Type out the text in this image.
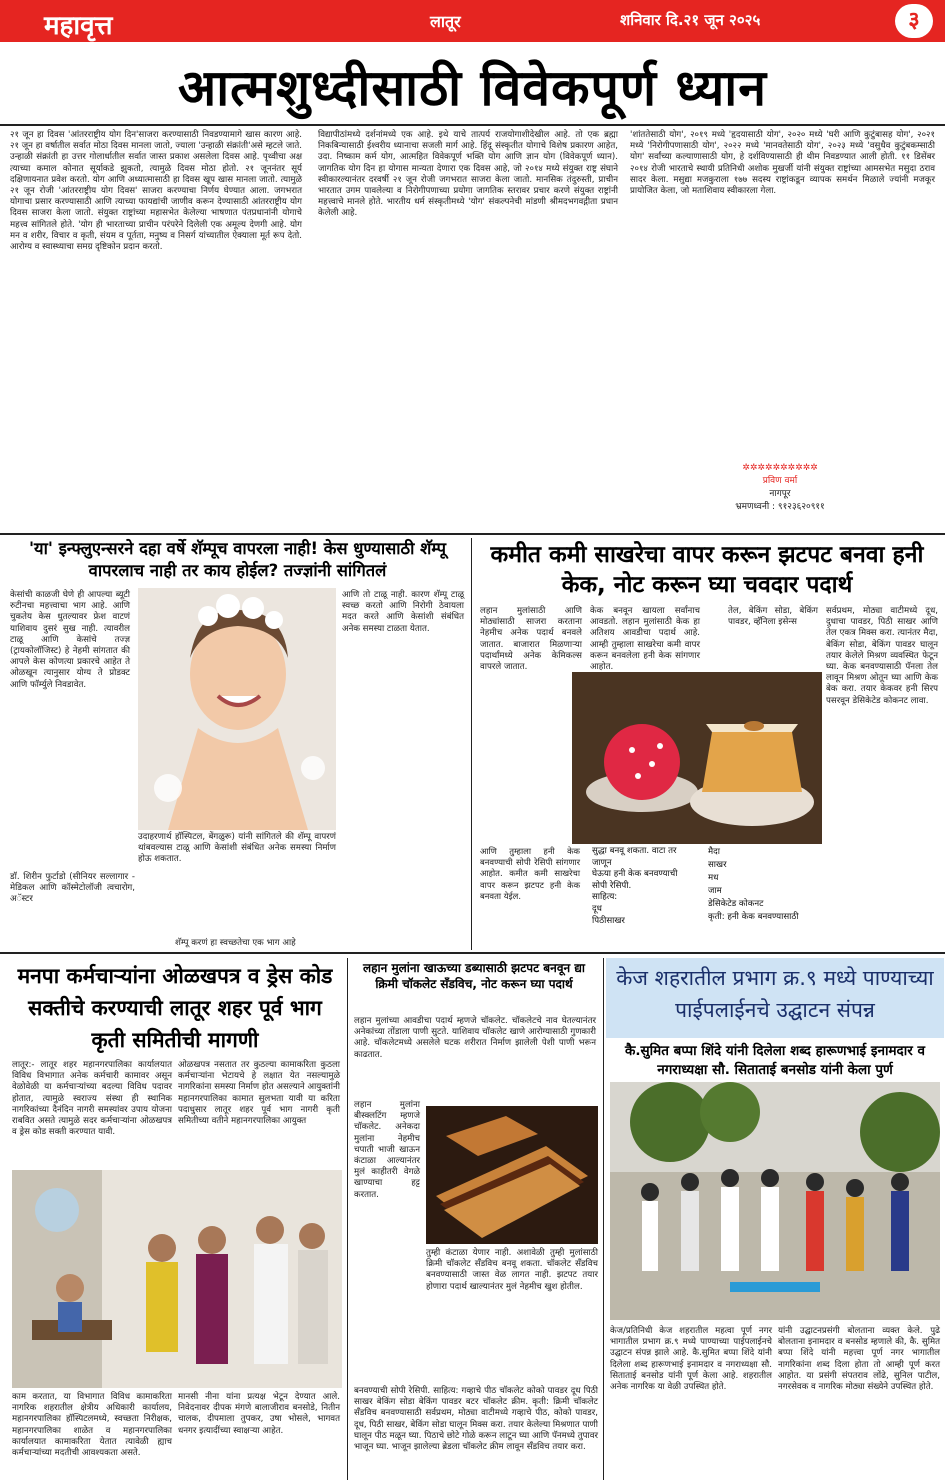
महावृत्त	लातूर	शनिवार दि.२१ जून २०२५	३
आत्मशुध्दीसाठी विवेकपूर्ण ध्यान
२१ जून हा दिवस 'आंतरराष्ट्रीय योग दिन'साजरा करण्यासाठी निवडण्यामागे खास कारण आहे. २१ जून हा वर्षातील सर्वात मोठा दिवस मानला जातो, ज्याला 'उन्हाळी संक्रांती'असे म्हटले जाते. उन्हाळी संक्रांती हा उत्तर गोलार्धातील सर्वात जास्त प्रकाश असलेला दिवस आहे. पृथ्वीचा अक्ष त्याच्या कमाल कोनात सूर्याकडे झुकतो, त्यामुळे दिवस मोठा होतो. २१ जूननंतर सूर्य दक्षिणायनात प्रवेश करतो. योग आणि अध्यात्मासाठी हा दिवस खूप खास मानला जातो. त्यामुळे २१ जून रोजी 'आंतरराष्ट्रीय योग दिवस' साजरा करण्याचा निर्णय घेण्यात आला. जगभरात योगाचा प्रसार करण्यासाठी आणि त्याच्या फायद्यांची जाणीव करून देण्यासाठी आंतरराष्ट्रीय योग दिवस साजरा केला जातो. संयुक्त राष्ट्रांच्या महासभेत केलेल्या भाषणात पंतप्रधानांनी योगाचे महत्त्व सांगितले होते. 'योग ही भारताच्या प्राचीन परंपरेने दिलेली एक अमूल्य देणगी आहे. योग मन व शरीर, विचार व कृती, संयम व पूर्तता, मनुष्य व निसर्ग यांच्यातील ऐक्याला मूर्त रूप देतो. आरोग्य व स्वास्थ्याचा समग्र दृष्टिकोन प्रदान करतो.
विद्यापीठांमध्ये दर्शनांमध्ये एक आहे. इथे याचे तात्पर्य राजयोगाशीदेखील आहे. तो एक ब्रह्मा निकबिन्यासाठी ईश्वरीय ध्यानाचा सजली मार्ग आहे. हिंदू संस्कृतीत योगाचे विशेष प्रकारण आहेत, उदा. निष्काम कर्म योग, आत्महित विवेकपूर्ण भक्ति योग आणि ज्ञान योग (विवेकपूर्ण ध्यान). जागतिक योग दिन हा योगास मान्यता देणारा एक दिवस आहे, जो २०१४ मध्ये संयुक्त राष्ट्र संघाने स्वीकारल्यानंतर दरवर्षी २१ जून रोजी जगभरात साजरा केला जातो. मानसिक तंदुरुस्ती, प्राचीन भारतात उगम पावलेल्या व निरोगीपणाच्या प्रयोगा जागतिक स्तरावर प्रचार करणे संयुक्त राष्ट्रांनी महत्त्वाचे मानले होते. भारतीय धर्म संस्कृतीमध्ये 'योग' संकल्पनेची मांडणी श्रीमदभगवद्गीता प्रधान केलेली आहे.
'शांततेसाठी योग', २०१९ मध्ये 'हृदयासाठी योग', २०२० मध्ये 'घरी आणि कुटुंबासह योग', २०२१ मध्ये 'निरोगीपणासाठी योग', २०२२ मध्ये 'मानवतेसाठी योग', २०२३ मध्ये 'वसुधैव कुटुंबकम्साठी योग' सर्वांच्या कल्याणासाठी योग, हे दर्शविण्यासाठी ही थीम निवडण्यात आली होती. ११ डिसेंबर २०१४ रोजी भारताचे स्थायी प्रतिनिधी अशोक मुखर्जी यांनी संयुक्त राष्ट्रांच्या आमसभेत मसुदा ठराव सादर केला. मसुद्या मजकुराला १७७ सदस्य राष्ट्रांकडून व्यापक समर्थन मिळाले ज्यांनी मजकूर प्रायोजित केला, जो मताशिवाय स्वीकारला गेला.
✲✲✲✲✲✲✲✲✲✲
प्रविण वर्मा
नागपूर
भ्रमणध्वनी : ९१२३६२०९११
'या' इन्फ्लुएन्सरने दहा वर्षे शॅम्पूच वापरला नाही! केस धुण्यासाठी शॅम्पू वापरलाच नाही तर काय होईल? तज्ज्ञांनी सांगितलं
केसांची काळजी घेणे ही आपल्या ब्यूटी रुटीनचा महत्त्वाचा भाग आहे. आणि चुकतेय केस धुतल्यावर फ्रेश वाटणं याशिवाय दुसरं सुख नाही. त्यावरील टाळू आणि केसांचे तज्ज्ञ (ट्रायकोलॉजिस्ट) हे नेहमी सांगतात की आपले केस कोणत्या प्रकारचे आहेत ते ओळखून त्यानुसार योग्य ते प्रोडक्ट आणि फॉर्म्युले निवडावेत.
उदाहरणार्थ हॉस्पिटल, बेंगळुरू) यांनी सांगितले की शॅम्पू वापरणं थांबवल्यास टाळू आणि केसांशी संबंधित अनेक समस्या निर्माण होऊ शकतात.
आणि तो टाळू नाही. कारण शॅम्पू टाळू स्वच्छ करतो आणि निरोगी ठेवायला मदत करते आणि केसांशी संबंधित अनेक समस्या टाळता येतात.
डॉ. शिरीन फुर्टाडो (सीनियर सल्लागार - मेडिकल आणि कॉस्मेटोलॉजी त्वचारोग, अॅस्टर
शॅम्पू करणं हा स्वच्छतेचा एक भाग आहे
कमीत कमी साखरेचा वापर करून झटपट बनवा हनी केक, नोट करून घ्या चवदार पदार्थ
लहान मुलांसाठी आणि मोठ्यांसाठी साजरा करताना नेहमीच अनेक पदार्थ बनवले जातात. बाजारात मिळणाऱ्या पदार्थांमध्ये अनेक केमिकल्स वापरले जातात.
केक बनवून खायला सर्वांनाच आवडतो. लहान मुलांसाठी केक हा अतिशय आवडीचा पदार्थ आहे. आम्ही तुम्हाला साखरेचा कमी वापर करून बनवलेला हनी केक सांगणार आहोत.
तेल, बेकिंग सोडा, बेकिंग पावडर, व्हॅनिला इसेन्स
सर्वप्रथम, मोठ्या वाटीमध्ये दूध, दुधाचा पावडर, पिठी साखर आणि तेल एकत्र मिक्स करा. त्यानंतर मैदा, बेकिंग सोडा, बेकिंग पावडर घालून तयार केलेले मिश्रण व्यवस्थित फेटून घ्या. केक बनवण्यासाठी पॅनला तेल लावून मिश्रण ओतून घ्या आणि केक बेक करा. तयार केकवर हनी सिरप पसरवून डेसिकेटेड कोकनट लावा.
आणि तुम्हाला हनी केक बनवण्याची सोपी रेसिपी सांगणार आहोत. कमीत कमी साखरेचा वापर करून झटपट हनी केक बनवता येईल.
सुद्धा बनवू शकता. वाटा तर
जाणून
घेऊया हनी केक बनवण्याची
सोपी रेसिपी.
साहित्य:
दूध
पिठीसाखर
मैदा
साखर
मध
जाम
डेसिकेटेड कोकनट
कृती: हनी केक बनवण्यासाठी
मनपा कर्मचाऱ्यांना ओळखपत्र व ड्रेस कोड सक्तीचे करण्याची लातूर शहर पूर्व भाग कृती समितीची मागणी
लातूर:- लातूर शहर महानगरपालिका कार्यालयात विविध विभागात अनेक कर्मचारी कामावर असून वेळोवेळी या कर्मचाऱ्यांच्या बदल्या विविध पदावर होतात, त्यामुळे स्वराज्य संस्था ही स्थानिक नागरिकांच्या दैनंदिन नागरी समस्यांवर उपाय योजना राबवित असते त्यामुळे सदर कर्मचाऱ्यांना ओळखपत्र व ड्रेस कोड सक्ती करण्यात यावी.
ओळखपत्र नसतात तर कुठल्या कामाकरिता कुठला कर्मचाऱ्यांना भेटायचे हे लक्षात येत नसल्यामुळे नागरिकांना समस्या निर्माण होत असल्याने आयुक्तांनी महानगरपालिका कामात सुलभता यावी या करिता पदाधुसार लातूर शहर पूर्व भाग नागरी कृती समितीच्या वतीने महानगरपालिका आयुक्त
काम करतात, या विभागात विविध कामाकरिता नागरिक शहरातील क्षेत्रीय अधिकारी कार्यालय, महानगरपालिका हॉस्पिटलमध्ये, स्वच्छता निरीक्षक, महानगरपालिका शाळेत व महानगरपालिका कार्यालयात कामाकरिता येतात त्यावेळी ह्याच कर्मचाऱ्यांच्या मदतीची आवश्यकता असते.
मानसी नीना यांना प्रत्यक्ष भेटून देण्यात आले. निवेदनावर दीपक मंगणे बालाजीराव बनसोडे, नितीन चालक, दीपमाला तुपकर, उषा भोसले, भागवत धनगर इत्यादींच्या स्वाक्षऱ्या आहेत.
लहान मुलांना खाऊच्या डब्यासाठी झटपट बनवून द्या क्रिमी चॉकलेट सँडविच, नोट करून घ्या पदार्थ
लहान मुलांच्या आवडीचा पदार्थ म्हणजे चॉकलेट. चॉकलेटचे नाव घेतल्यानंतर अनेकांच्या तोंडाला पाणी सुटते. याशिवाय चॉकलेट खाणे आरोग्यासाठी गुणकारी आहे. चॉकलेटमध्ये असलेले घटक शरीरात निर्माण झालेली पेशी पाणी भरून काढतात.
लहान मुलांना बीस्क्लटिंग म्हणजे चॉकलेट. अनेकदा मुलांना नेहमीच चपाती भाजी खाऊन कंटाळा आल्यानंतर मुलं काहीतरी वेगळे खाण्याचा हट्ट करतात.
तुम्ही कंटाळा येणार नाही. अशावेळी तुम्ही मुलांसाठी क्रिमी चॉकलेट सँडविच बनवू शकता. चॉकलेट सँडविच बनवण्यासाठी जास्त वेळ लागत नाही. झटपट तयार होणारा पदार्थ खाल्यानंतर मुलं नेहमीच खुश होतील.
बनवण्याची सोपी रेसिपी. साहित्य: गव्हाचे पीठ चॉकलेट कोको पावडर दूध पिठी साखर बेकिंग सोडा बेकिंग पावडर बटर चॉकलेट क्रीम. कृती: क्रिमी चॉकलेट सँडविच बनवण्यासाठी सर्वप्रथम, मोठ्या वाटीमध्ये गव्हाचे पीठ, कोको पावडर, दूध, पिठी साखर, बेकिंग सोडा घालून मिक्स करा. तयार केलेल्या मिश्रणात पाणी घालून पीठ मळून घ्या. पिठाचे छोटे गोळे करून लाटून घ्या आणि पॅनमध्ये तुपावर भाजून घ्या. भाजून झालेल्या ब्रेडला चॉकलेट क्रीम लावून सँडविच तयार करा.
केज शहरातील प्रभाग क्र.९ मध्ये पाण्याच्या पाईपलाईनचे उद्घाटन संपन्न
कै.सुमित बप्पा शिंदे यांनी दिलेला शब्द हारूणभाई इनामदार व नगराध्यक्षा सौ. सिताताई बनसोड यांनी केला पुर्ण
केज/प्रतिनिधी केज शहरातील महत्वा पूर्ण नगर भागातील प्रभाग क्र.९ मध्ये पाण्याच्या पाईपलाईनचे उद्घाटन संपन्न झाले आहे. कै.सुमित बप्पा शिंदे यांनी दिलेला शब्द हारूणभाई इनामदार व नगराध्यक्षा सौ. सिताताई बनसोड यांनी पूर्ण केला आहे. शहरातील अनेक नागरिक या वेळी उपस्थित होते.
यांनी उद्घाटनप्रसंगी बोलताना व्यक्त केले. पुढे बोलताना इनामदार व बनसोड म्हणाले की, कै. सुमित बप्पा शिंदे यांनी महत्त्वा पूर्ण नगर भागातील नागरिकांना शब्द दिला होता तो आम्ही पूर्ण करत आहोत. या प्रसंगी संपतराव लोंढे, सुनिल पाटील, नगरसेवक व नागरिक मोठ्या संख्येने उपस्थित होते.
